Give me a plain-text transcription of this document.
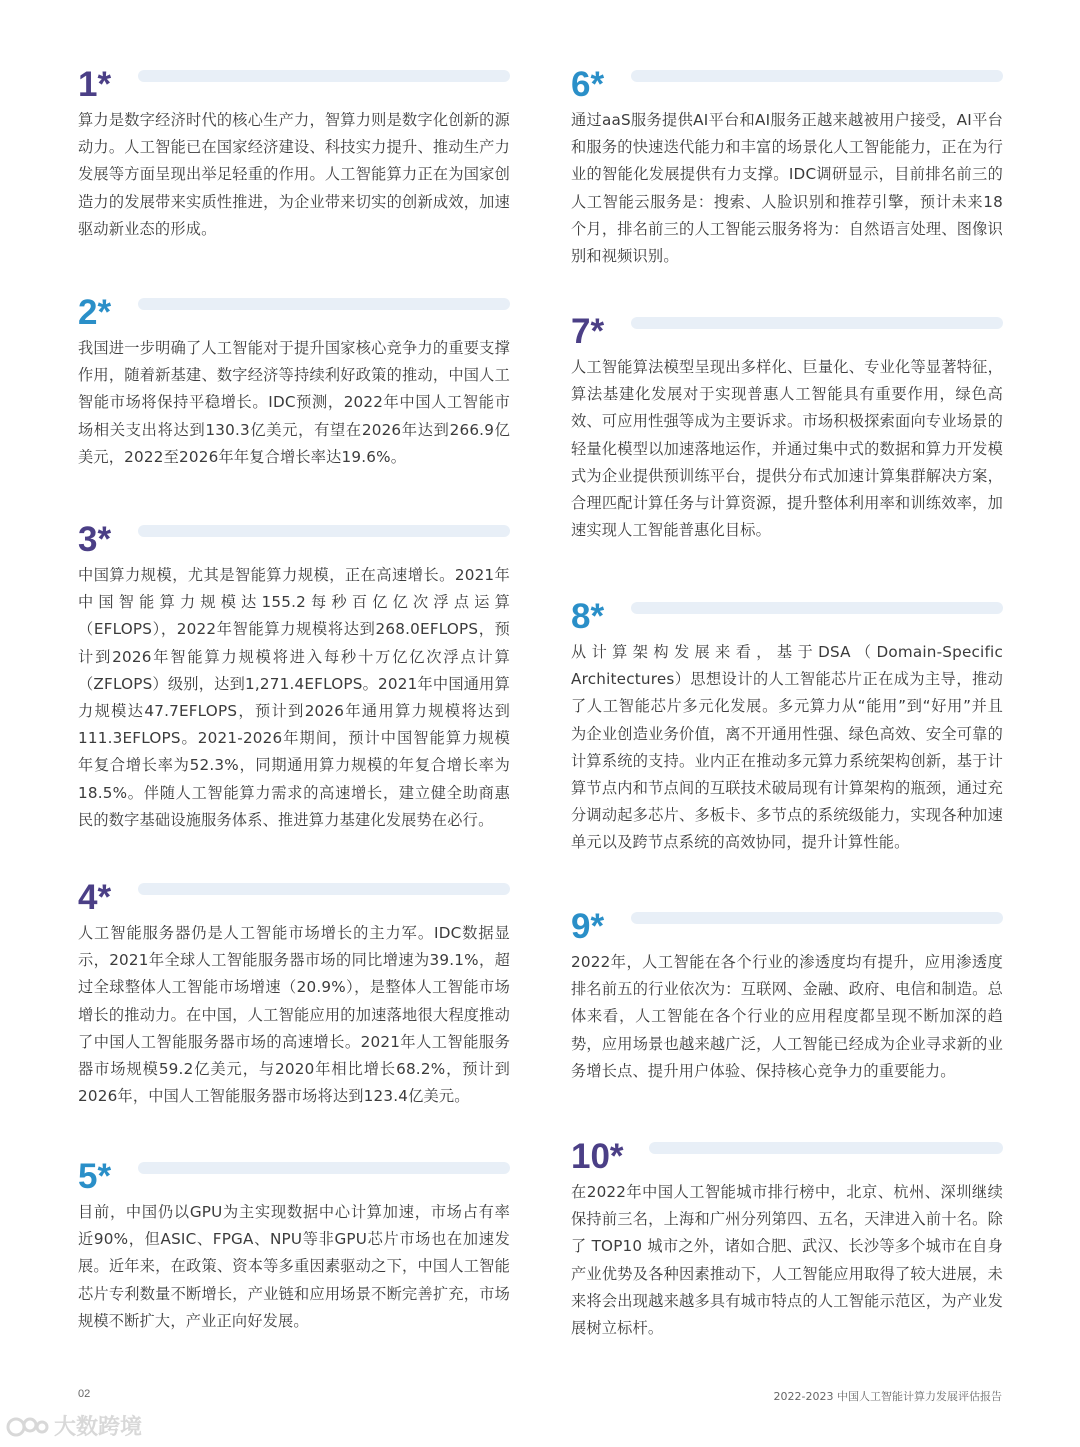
1*

算力是数字经济时代的核心生产力，智算力则是数字化创新的源动力。人工智能已在国家经济建设、科技实力提升、推动生产力发展等方面呈现出举足轻重的作用。人工智能算力正在为国家创造力的发展带来实质性推进，为企业带来切实的创新成效，加速驱动新业态的形成。

2*

我国进一步明确了人工智能对于提升国家核心竞争力的重要支撑作用，随着新基建、数字经济等持续利好政策的推动，中国人工智能市场将保持平稳增长。IDC预测，2022年中国人工智能市场相关支出将达到130.3亿美元，有望在2026年达到266.9亿美元，2022至2026年年复合增长率达19.6%。

3*

中国算力规模，尤其是智能算力规模，正在高速增长。2021年中国智能算力规模达155.2每秒百亿亿次浮点运算（EFLOPS），2022年智能算力规模将达到268.0EFLOPS，预计到2026年智能算力规模将进入每秒十万亿亿次浮点计算（ZFLOPS）级别，达到1,271.4EFLOPS。2021年中国通用算力规模达47.7EFLOPS，预计到2026年通用算力规模将达到111.3EFLOPS。2021-2026年期间，预计中国智能算力规模年复合增长率为52.3%，同期通用算力规模的年复合增长率为18.5%。伴随人工智能算力需求的高速增长，建立健全助商惠民的数字基础设施服务体系、推进算力基建化发展势在必行。

4*

人工智能服务器仍是人工智能市场增长的主力军。IDC数据显示，2021年全球人工智能服务器市场的同比增速为39.1%，超过全球整体人工智能市场增速（20.9%），是整体人工智能市场增长的推动力。在中国，人工智能应用的加速落地很大程度推动了中国人工智能服务器市场的高速增长。2021年人工智能服务器市场规模59.2亿美元，与2020年相比增长68.2%，预计到2026年，中国人工智能服务器市场将达到123.4亿美元。

5*

目前，中国仍以GPU为主实现数据中心计算加速，市场占有率近90%，但ASIC、FPGA、NPU等非GPU芯片市场也在加速发展。近年来，在政策、资本等多重因素驱动之下，中国人工智能芯片专利数量不断增长，产业链和应用场景不断完善扩充，市场规模不断扩大，产业正向好发展。

6*

通过aaS服务提供AI平台和AI服务正越来越被用户接受，AI平台和服务的快速迭代能力和丰富的场景化人工智能能力，正在为行业的智能化发展提供有力支撑。IDC调研显示，目前排名前三的人工智能云服务是：搜索、人脸识别和推荐引擎，预计未来18个月，排名前三的人工智能云服务将为：自然语言处理、图像识别和视频识别。

7*

人工智能算法模型呈现出多样化、巨量化、专业化等显著特征，算法基建化发展对于实现普惠人工智能具有重要作用，绿色高效、可应用性强等成为主要诉求。市场积极探索面向专业场景的轻量化模型以加速落地运作，并通过集中式的数据和算力开发模式为企业提供预训练平台，提供分布式加速计算集群解决方案，合理匹配计算任务与计算资源，提升整体利用率和训练效率，加速实现人工智能普惠化目标。

8*

从计算架构发展来看，基于DSA（Domain-Specific Architectures）思想设计的人工智能芯片正在成为主导，推动了人工智能芯片多元化发展。多元算力从“能用”到“好用”并且为企业创造业务价值，离不开通用性强、绿色高效、安全可靠的计算系统的支持。业内正在推动多元算力系统架构创新，基于计算节点内和节点间的互联技术破局现有计算架构的瓶颈，通过充分调动起多芯片、多板卡、多节点的系统级能力，实现各种加速单元以及跨节点系统的高效协同，提升计算性能。

9*

2022年，人工智能在各个行业的渗透度均有提升，应用渗透度排名前五的行业依次为：互联网、金融、政府、电信和制造。总体来看，人工智能在各个行业的应用程度都呈现不断加深的趋势，应用场景也越来越广泛，人工智能已经成为企业寻求新的业务增长点、提升用户体验、保持核心竞争力的重要能力。

10*

在2022年中国人工智能城市排行榜中，北京、杭州、深圳继续保持前三名，上海和广州分列第四、五名，天津进入前十名。除了 TOP10 城市之外，诸如合肥、武汉、长沙等多个城市在自身产业优势及各种因素推动下，人工智能应用取得了较大进展，未来将会出现越来越多具有城市特点的人工智能示范区，为产业发展树立标杆。

02	2022-2023 中国人工智能计算力发展评估报告
大数跨境
